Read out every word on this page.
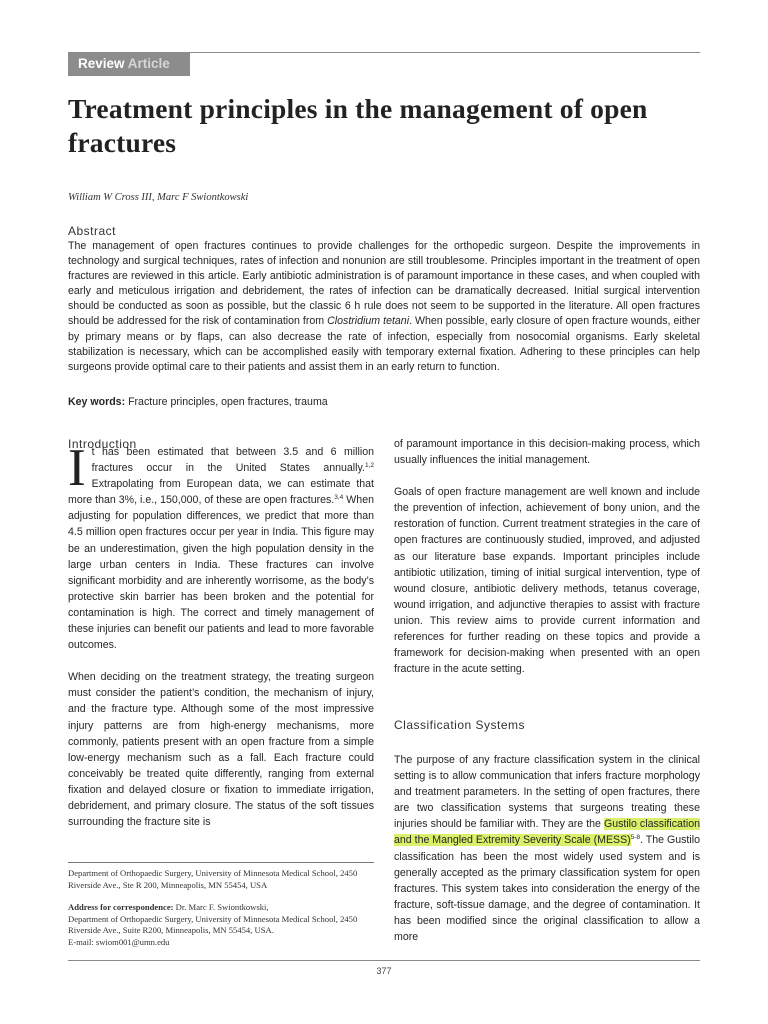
Review Article
Treatment principles in the management of open fractures
William W Cross III, Marc F Swiontkowski
Abstract

The management of open fractures continues to provide challenges for the orthopedic surgeon. Despite the improvements in technology and surgical techniques, rates of infection and nonunion are still troublesome. Principles important in the treatment of open fractures are reviewed in this article. Early antibiotic administration is of paramount importance in these cases, and when coupled with early and meticulous irrigation and debridement, the rates of infection can be dramatically decreased. Initial surgical intervention should be conducted as soon as possible, but the classic 6 h rule does not seem to be supported in the literature. All open fractures should be addressed for the risk of contamination from Clostridium tetani. When possible, early closure of open fracture wounds, either by primary means or by flaps, can also decrease the rate of infection, especially from nosocomial organisms. Early skeletal stabilization is necessary, which can be accomplished easily with temporary external fixation. Adhering to these principles can help surgeons provide optimal care to their patients and assist them in an early return to function.

Key words: Fracture principles, open fractures, trauma
Introduction

It has been estimated that between 3.5 and 6 million fractures occur in the United States annually.$^{1,2}$ Extrapolating from European data, we can estimate that more than 3%, i.e., 150,000, of these are open fractures.$^{3,4}$ When adjusting for population differences, we predict that more than 4.5 million open fractures occur per year in India. This figure may be an underestimation, given the high population density in the large urban centers in India. These fractures can involve significant morbidity and are inherently worrisome, as the body’s protective skin barrier has been broken and the potential for contamination is high. The correct and timely management of these injuries can benefit our patients and lead to more favorable outcomes.

When deciding on the treatment strategy, the treating surgeon must consider the patient’s condition, the mechanism of injury, and the fracture type. Although some of the most impressive injury patterns are from high-energy mechanisms, more commonly, patients present with an open fracture from a simple low-energy mechanism such as a fall. Each fracture could conceivably be treated quite differently, ranging from external fixation and delayed closure or fixation to immediate irrigation, debridement, and primary closure. The status of the soft tissues surrounding the fracture site is

Department of Orthopaedic Surgery, University of Minnesota Medical School, 2450 Riverside Ave., Ste R 200, Minneapolis, MN 55454, USA
Address for correspondence: Dr. Marc F. Swiontkowski,
Department of Orthopaedic Surgery, University of Minnesota Medical School, 2450 Riverside Ave., Suite R200, Minneapolis, MN 55454, USA.
E-mail: swiom001@umn.edu

of paramount importance in this decision-making process, which usually influences the initial management.

Goals of open fracture management are well known and include the prevention of infection, achievement of bony union, and the restoration of function. Current treatment strategies in the care of open fractures are continuously studied, improved, and adjusted as our literature base expands. Important principles include antibiotic utilization, timing of initial surgical intervention, type of wound closure, antibiotic delivery methods, tetanus coverage, wound irrigation, and adjunctive therapies to assist with fracture union. This review aims to provide current information and references for further reading on these topics and provide a framework for decision-making when presented with an open fracture in the acute setting.

Classification Systems

The purpose of any fracture classification system in the clinical setting is to allow communication that infers fracture morphology and treatment parameters. In the setting of open fractures, there are two classification systems that surgeons treating these injuries should be familiar with. They are the Gustilo classification and the Mangled Extremity Severity Scale (MESS)$^{5-8}$. The Gustilo classification has been the most widely used system and is generally accepted as the primary classification system for open fractures. This system takes into consideration the energy of the fracture, soft-tissue damage, and the degree of contamination. It has been modified since the original classification to allow a more

377
